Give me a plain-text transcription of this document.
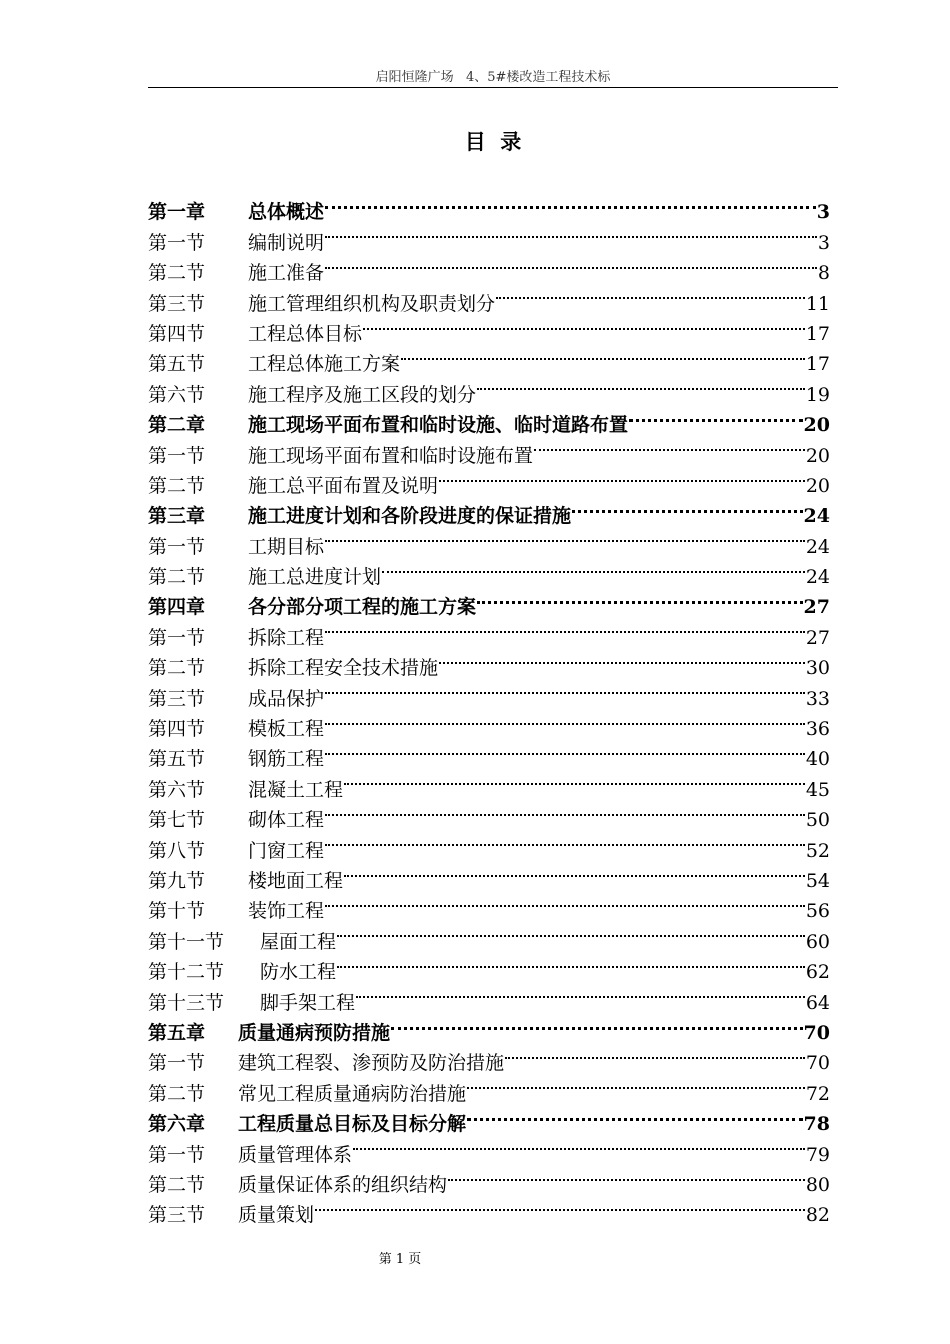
启阳恒隆广场   4、5#楼改造工程技术标
目  录
第一章	总体概述	3
第一节	编制说明	3
第二节	施工准备	8
第三节	施工管理组织机构及职责划分	11
第四节	工程总体目标	17
第五节	工程总体施工方案	17
第六节	施工程序及施工区段的划分	19
第二章	施工现场平面布置和临时设施、临时道路布置	20
第一节	施工现场平面布置和临时设施布置	20
第二节	施工总平面布置及说明	20
第三章	施工进度计划和各阶段进度的保证措施	24
第一节	工期目标	24
第二节	施工总进度计划	24
第四章	各分部分项工程的施工方案	27
第一节	拆除工程	27
第二节	拆除工程安全技术措施	30
第三节	成品保护	33
第四节	模板工程	36
第五节	钢筋工程	40
第六节	混凝土工程	45
第七节	砌体工程	50
第八节	门窗工程	52
第九节	楼地面工程	54
第十节	装饰工程	56
第十一节	屋面工程	60
第十二节	防水工程	62
第十三节	脚手架工程	64
第五章	质量通病预防措施	70
第一节	建筑工程裂、渗预防及防治措施	70
第二节	常见工程质量通病防治措施	72
第六章	工程质量总目标及目标分解	78
第一节	质量管理体系	79
第二节	质量保证体系的组织结构	80
第三节	质量策划	82
第 1 页
